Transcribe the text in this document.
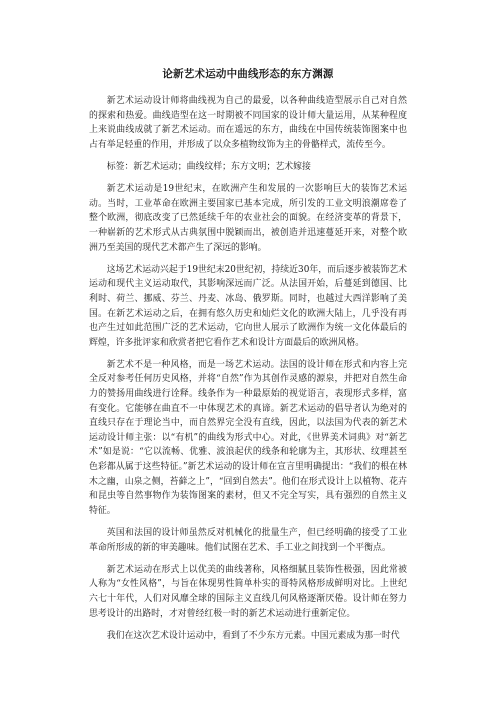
论新艺术运动中曲线形态的东方渊源

新艺术运动设计师将曲线视为自己的最爱，以各种曲线造型展示自己对自然的探索和热爱。曲线造型在这一时期被不同国家的设计师大量运用，从某种程度上来说曲线成就了新艺术运动。而在遥远的东方，曲线在中国传统装饰图案中也占有举足轻重的作用，并形成了以众多植物纹饰为主的骨骼样式，流传至今。

标签：新艺术运动；曲线纹样；东方文明；艺术嫁接

新艺术运动是19世纪末，在欧洲产生和发展的一次影响巨大的装饰艺术运动。当时，工业革命在欧洲主要国家已基本完成，所引发的工业文明浪潮席卷了整个欧洲，彻底改变了已然延续千年的农业社会的面貌。在经济变革的背景下，一种崭新的艺术形式从古典氛围中脱颖而出，被创造并迅速蔓延开来，对整个欧洲乃至美国的现代艺术都产生了深远的影响。

这场艺术运动兴起于19世纪末20世纪初，持续近30年，而后逐步被装饰艺术运动和现代主义运动取代，其影响深远而广泛。从法国开始，后蔓延到德国、比利时、荷兰、挪威、芬兰、丹麦、冰岛、俄罗斯。同时，也越过大西洋影响了美国。在新艺术运动之后，在拥有悠久历史和灿烂文化的欧洲大陆上，几乎没有再也产生过如此范围广泛的艺术运动，它向世人展示了欧洲作为统一文化体最后的辉煌，许多批评家和欣赏者把它看作艺术和设计方面最后的欧洲风格。

新艺术不是一种风格，而是一场艺术运动。法国的设计师在形式和内容上完全反对参考任何历史风格，并将“自然”作为其创作灵感的源泉，并把对自然生命力的赞扬用曲线进行诠释。线条作为一种最原始的视觉语言，表现形式多样，富有变化。它能够在曲直不一中体现艺术的真谛。新艺术运动的倡导者认为绝对的直线只存在于理论当中，而自然界完全没有直线，因此，以法国为代表的新艺术运动设计师主张：以“有机”的曲线为形式中心。对此，《世界美术词典》对“新艺术”如是说：“它以流畅、优雅、波浪起伏的线条和轮廓为主，其形状、纹理甚至色彩都从属于这些特征。”新艺术运动的设计师在宣言里明确提出：“我们的根在林木之幽，山泉之侧，苔藓之上”，“回到自然去”。他们在形式设计上以植物、花卉和昆虫等自然事物作为装饰图案的素材，但又不完全写实，具有强烈的自然主义特征。

英国和法国的设计师虽然反对机械化的批量生产，但已经明确的接受了工业革命所形成的新的审美趣味。他们试图在艺术、手工业之间找到一个平衡点。

新艺术运动在形式上以优美的曲线著称，风格细腻且装饰性极强，因此常被人称为“女性风格”，与旨在体现男性简单朴实的哥特风格形成鲜明对比。上世纪六七十年代，人们对风靡全球的国际主义直线几何风格逐渐厌倦。设计师在努力思考设计的出路时，才对曾经红极一时的新艺术运动进行重新定位。

我们在这次艺术设计运动中，看到了不少东方元素。中国元素成为那一时代
